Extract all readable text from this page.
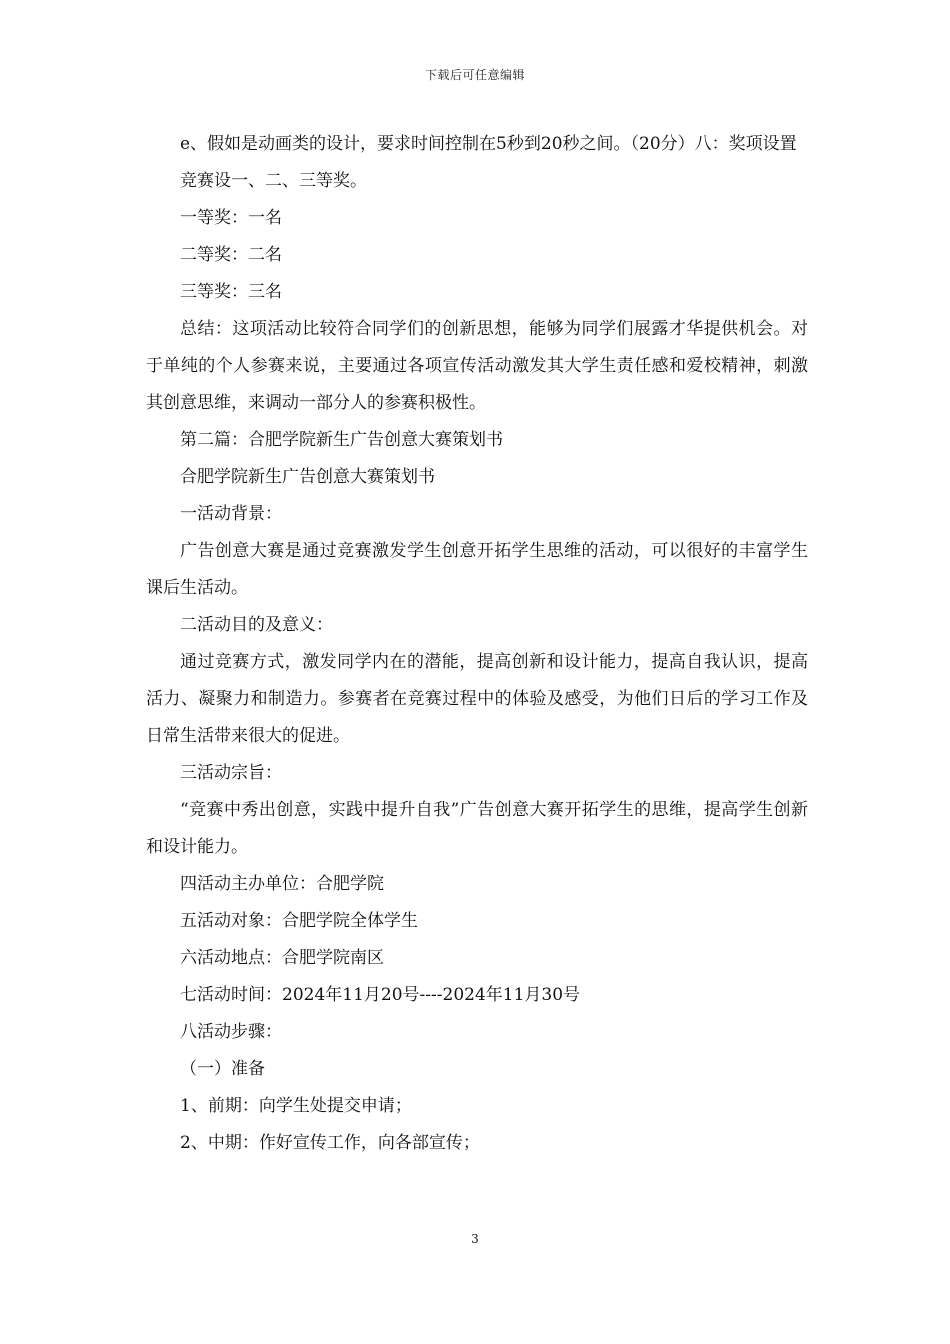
下载后可任意编辑

e、假如是动画类的设计，要求时间控制在5秒到20秒之间。（20分）八：奖项设置

竞赛设一、二、三等奖。

一等奖：一名

二等奖：二名

三等奖：三名

总结：这项活动比较符合同学们的创新思想，能够为同学们展露才华提供机会。对于单纯的个人参赛来说，主要通过各项宣传活动激发其大学生责任感和爱校精神，刺激其创意思维，来调动一部分人的参赛积极性。

第二篇：合肥学院新生广告创意大赛策划书

合肥学院新生广告创意大赛策划书

一活动背景：

广告创意大赛是通过竞赛激发学生创意开拓学生思维的活动，可以很好的丰富学生课后生活动。

二活动目的及意义：

通过竞赛方式，激发同学内在的潜能，提高创新和设计能力，提高自我认识，提高活力、凝聚力和制造力。参赛者在竞赛过程中的体验及感受，为他们日后的学习工作及日常生活带来很大的促进。

三活动宗旨：

“竞赛中秀出创意，实践中提升自我”广告创意大赛开拓学生的思维，提高学生创新和设计能力。

四活动主办单位：合肥学院

五活动对象：合肥学院全体学生

六活动地点：合肥学院南区

七活动时间：2024年11月20号----2024年11月30号

八活动步骤：

（一）准备

1、前期：向学生处提交申请；

2、中期：作好宣传工作，向各部宣传；

3
